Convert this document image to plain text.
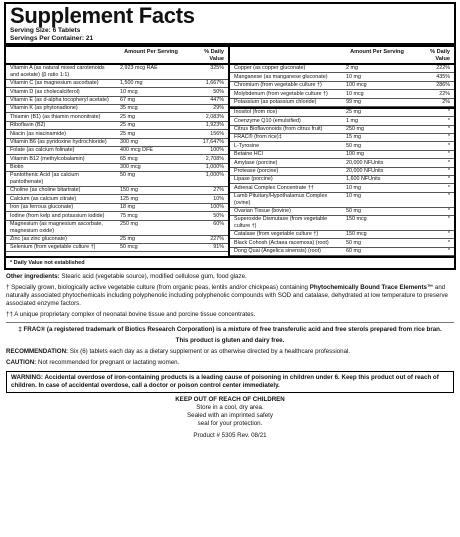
Supplement Facts
Serving Size: 6 Tablets
Servings Per Container: 21
Amount Per Serving	% Daily Value
Vitamin A (as natural mixed carotenoids and acetate) (β ratio 1:1)
2,923 mcg RAE	325%
Vitamin C (as magnesium ascorbate)	1,500 mg	1,667%
Vitamin D (as cholecalciferol)	10 mcg	50%
Vitamin E (as d-alpha tocopheryl acetate)	67 mg	447%
Vitamin K (as phytonadione)	35 mcg	29%
Thiamin (B1) (as thiamin mononitrate)	25 mg	2,083%
Riboflavin (B2)	25 mg	1,923%
Niacin (as niacinamide)	25 mg	156%
Vitamin B6 (as pyridoxine hydrochloride)	300 mg	17,647%
Folate (as calcium folinate)	400 mcg DFE	100%
Vitamin B12 (methylcobalamin)	65 mcg	2,708%
Biotin	300 mcg	1,000%
Pantothenic Acid (as calcium pantothenate)
50 mg	1,000%
Choline (as choline bitartrate)	150 mg	27%
Calcium (as calcium citrate)	125 mg	10%
Iron (as ferrous gluconate)	18 mg	100%
Iodine (from kelp and potassium iodide)	75 mcg	50%
Magnesium (as magnesium ascorbate, magnesium oxide)
250 mg	60%
Zinc (as zinc gluconate)	25 mg	227%
Selenium (from vegetable culture †)	50 mcg	91%
Amount Per Serving	% Daily Value
Copper (as copper gluconate)	2 mg	222%
Manganese (as manganese gluconate)	10 mg	435%
Chromium (from vegetable culture †)	100 mcg	286%
Molybdenum (from vegetable culture †)	10 mcg	22%
Potassium (as potassium chloride)	99 mg	2%
Inositol (from rice)	25 mg	*
Coenzyme Q10 (emulsified)	1 mg	*
Citrus Bioflavonoids (from citrus fruit)	250 mg	*
FRAC® (from rice)‡	15 mg	*
L-Tyrosine	50 mg	*
Betaine HCl	100 mg	*
Amylase (porcine)	20,000 NFUnits	*
Protease (porcine)	20,000 NFUnits	*
Lipase (porcine)	1,600 NFUnits	*
Adrenal Complex Concentrate ††	10 mg	*
Lamb Pituitary/Hypothalamus Complex (ovine)
10 mg	*
Ovarian Tissue (bovine)	50 mg	*
Superoxide Dismutase (from vegetable culture †)
150 mcg	*
Catalase (from vegetable culture †)	150 mcg	*
Black Cohosh (Actaea racemosa) (root)	50 mg	*
Dong Quai (Angelica sinensis) (root)	60 mg	*
* Daily Value not established
Other ingredients: Stearic acid (vegetable source), modified cellulose gum, food glaze.
† Specially grown, biologically active vegetable culture (from organic peas, lentils and/or chickpeas) containing Phytochemically Bound Trace Elements™ and naturally associated phytochemicals including polyphenolic including polyphenolic compounds with SOD and catalase, dehydrated at low temperature to preserve associated enzyme factors.
†† A unique proprietary complex of neonatal bovine tissue and porcine tissue concentrates.
‡ FRAC® (a registered trademark of Biotics Research Corporation) is a mixture of free transferulic acid and free sterols prepared from rice bran.
This product is gluten and dairy free.
RECOMMENDATION: Six (6) tablets each day as a dietary supplement or as otherwise directed by a healthcare professional.
CAUTION: Not recommended for pregnant or lactating women.
WARNING: Accidental overdose of iron-containing products is a leading cause of poisoning in children under 6. Keep this product out of reach of children. In case of accidental overdose, call a doctor or poison control center immediately.
KEEP OUT OF REACH OF CHILDREN
Store in a cool, dry area.
Sealed with an imprinted safety
seal for your protection.
Product # 5305 Rev. 08/21
